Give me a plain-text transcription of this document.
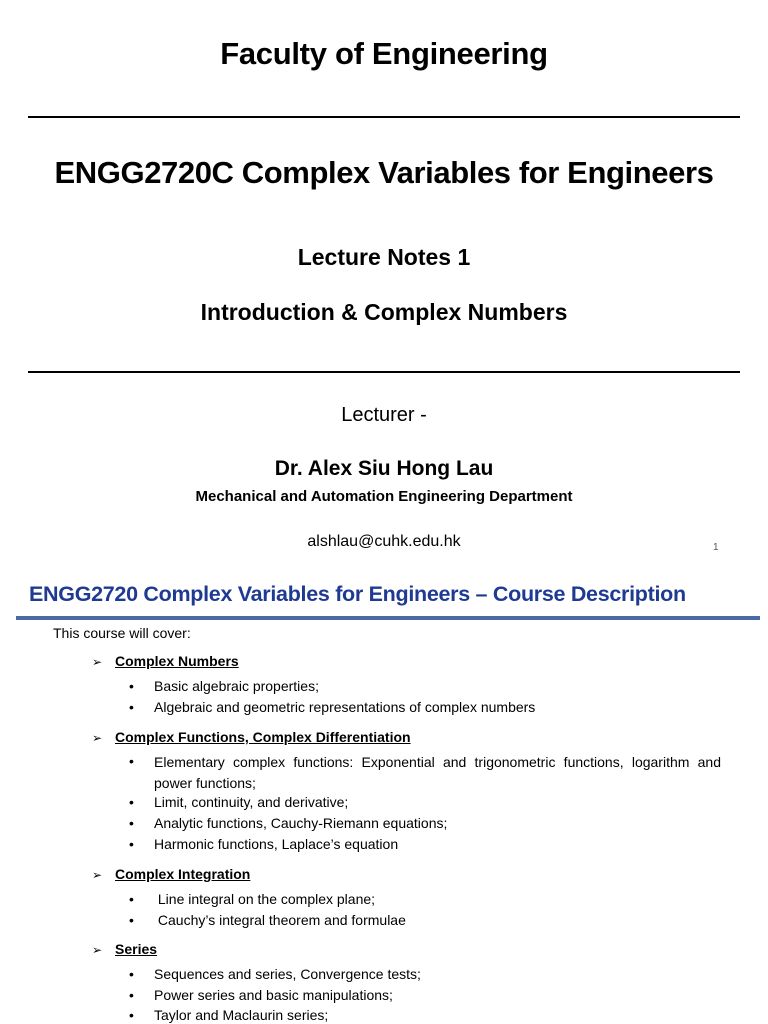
Faculty of Engineering
ENGG2720C Complex Variables for Engineers
Lecture Notes 1
Introduction & Complex Numbers
Lecturer -
Dr. Alex Siu Hong Lau
Mechanical and Automation Engineering Department
alshlau@cuhk.edu.hk	1
ENGG2720 Complex Variables for Engineers – Course Description
This course will cover:
➢ Complex Numbers
• Basic algebraic properties;
• Algebraic and geometric representations of complex numbers
➢ Complex Functions, Complex Differentiation
• Elementary complex functions: Exponential and trigonometric functions, logarithm and power functions;
• Limit, continuity, and derivative;
• Analytic functions, Cauchy-Riemann equations;
• Harmonic functions, Laplace’s equation
➢ Complex Integration
• Line integral on the complex plane;
• Cauchy’s integral theorem and formulae
➢ Series
• Sequences and series, Convergence tests;
• Power series and basic manipulations;
• Taylor and Maclaurin series;
